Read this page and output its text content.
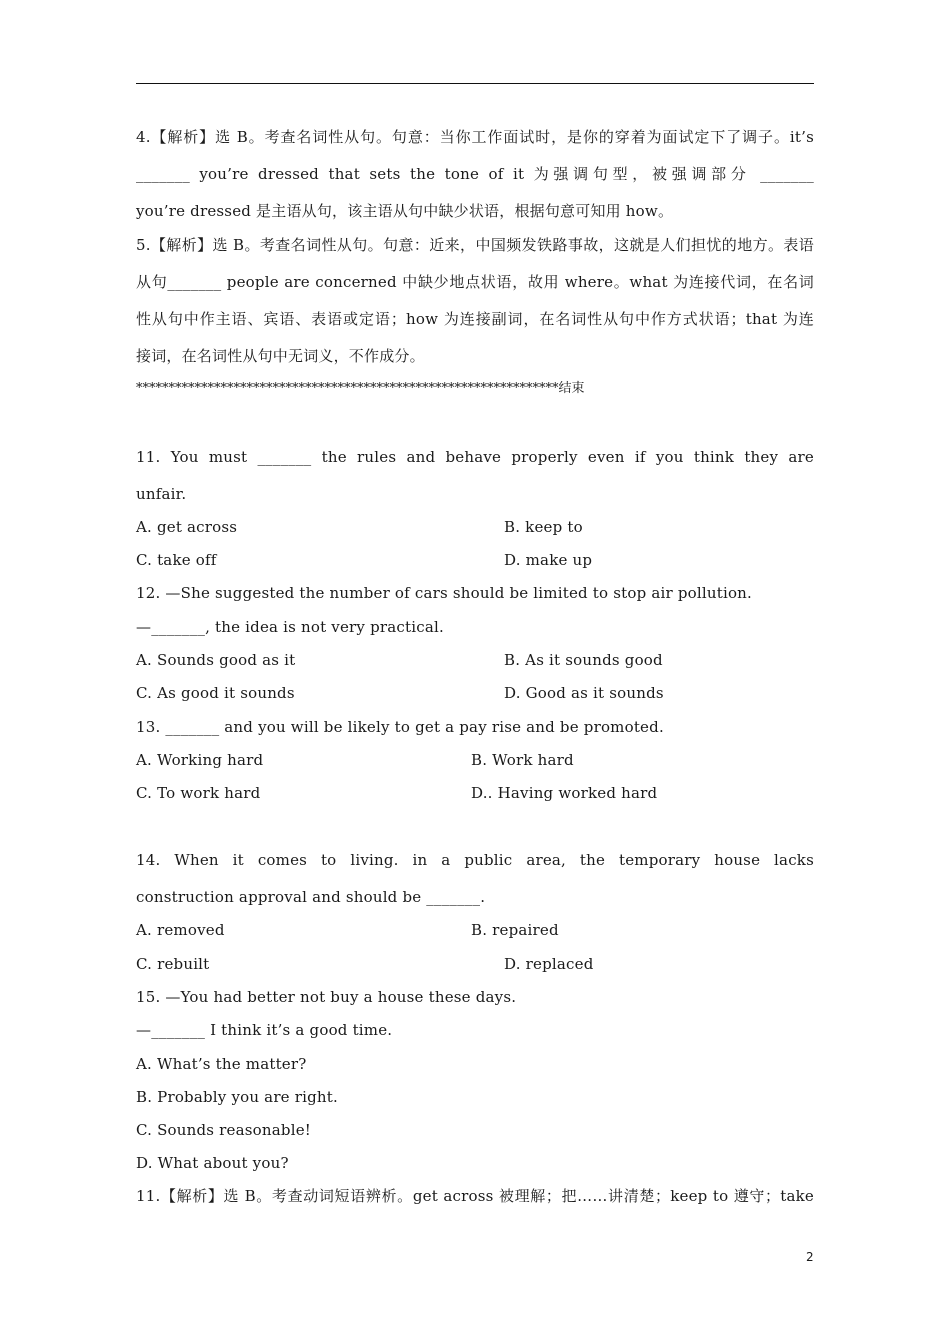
4.【解析】选 B。考查名词性从句。句意：当你工作面试时，是你的穿着为面试定下了调子。it’s
_______ you’re dressed that sets the tone of it 为强调句型，被强调部分 _______
you’re dressed 是主语从句，该主语从句中缺少状语，根据句意可知用 how。
5.【解析】选 B。考查名词性从句。句意：近来，中国频发铁路事故，这就是人们担忧的地方。表语
从句_______ people are concerned 中缺少地点状语，故用 where。what 为连接代词，在名词
性从句中作主语、宾语、表语或定语；how 为连接副词，在名词性从句中作方式状语；that 为连
接词，在名词性从句中无词义，不作成分。
*****************************************************************结束
11. You must _______ the rules and behave properly even if you think they are
unfair.
A. get across	B. keep to
C. take off	D. make up
12. —She suggested the number of cars should be limited to stop air pollution.
—_______, the idea is not very practical.
A. Sounds good as it	B. As it sounds good
C. As good it sounds	D. Good as it sounds
13. _______ and you will be likely to get a pay rise and be promoted.
A. Working hard	B. Work hard
C. To work hard	D.. Having worked hard
14. When it comes to living. in a public area, the temporary house lacks
construction approval and should be _______.
A. removed	B. repaired
C. rebuilt	D. replaced
15. —You had better not buy a house these days.
—_______ I think it’s a good time.
A. What’s the matter?
B. Probably you are right.
C. Sounds reasonable!
D. What about you?
11.【解析】选 B。考查动词短语辨析。get across 被理解；把……讲清楚；keep to 遵守；take
2
